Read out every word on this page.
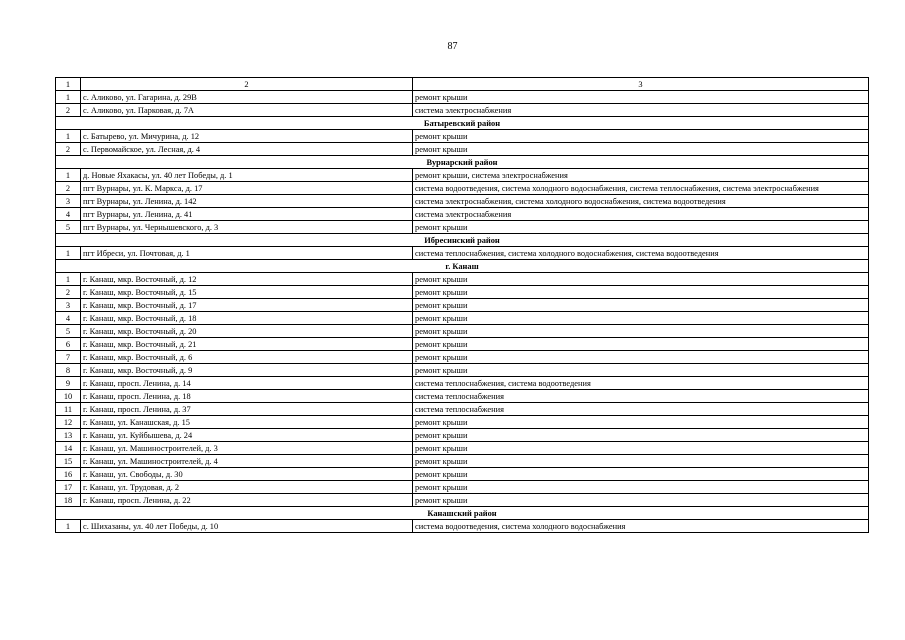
87
1	2	3
1	с. Аликово, ул. Гагарина, д. 29В	ремонт крыши
2	с. Аликово, ул. Парковая, д. 7А	система электроснабжения
Батыревский район		
1	с. Батырево, ул. Мичурина, д. 12	ремонт крыши
2	с. Первомайское, ул. Лесная, д. 4	ремонт крыши
Вурнарский район		
1	д. Новые Яхакасы, ул. 40 лет Победы, д. 1	ремонт крыши, система электроснабжения
2	пгт Вурнары, ул. К. Маркса, д. 17	система водоотведения, система холодного водоснабжения, система теплоснабжения, система электроснабжения
3	пгт Вурнары, ул. Ленина, д. 142	система электроснабжения, система холодного водоснабжения, система водоотведения
4	пгт Вурнары, ул. Ленина, д. 41	система электроснабжения
5	пгт Вурнары, ул. Чернышевского, д. 3	ремонт крыши
Ибресинский район		
1	пгт Ибреси, ул. Почтовая, д. 1	система теплоснабжения, система холодного водоснабжения, система водоотведения
г. Канаш		
1	г. Канаш, мкр. Восточный, д. 12	ремонт крыши
2	г. Канаш, мкр. Восточный, д. 15	ремонт крыши
3	г. Канаш, мкр. Восточный, д. 17	ремонт крыши
4	г. Канаш, мкр. Восточный, д. 18	ремонт крыши
5	г. Канаш, мкр. Восточный, д. 20	ремонт крыши
6	г. Канаш, мкр. Восточный, д. 21	ремонт крыши
7	г. Канаш, мкр. Восточный, д. 6	ремонт крыши
8	г. Канаш, мкр. Восточный, д. 9	ремонт крыши
9	г. Канаш, просп. Ленина, д. 14	система теплоснабжения, система водоотведения
10	г. Канаш, просп. Ленина, д. 18	система теплоснабжения
11	г. Канаш, просп. Ленина, д. 37	система теплоснабжения
12	г. Канаш, ул. Канашская, д. 15	ремонт крыши
13	г. Канаш, ул. Куйбышева, д. 24	ремонт крыши
14	г. Канаш, ул. Машиностроителей, д. 3	ремонт крыши
15	г. Канаш, ул. Машиностроителей, д. 4	ремонт крыши
16	г. Канаш, ул. Свободы, д. 30	ремонт крыши
17	г. Канаш, ул. Трудовая, д. 2	ремонт крыши
18	г. Канаш, просп. Ленина, д. 22	ремонт крыши
Канашский район		
1	с. Шихазаны, ул. 40 лет Победы, д. 10	система водоотведения, система холодного водоснабжения
